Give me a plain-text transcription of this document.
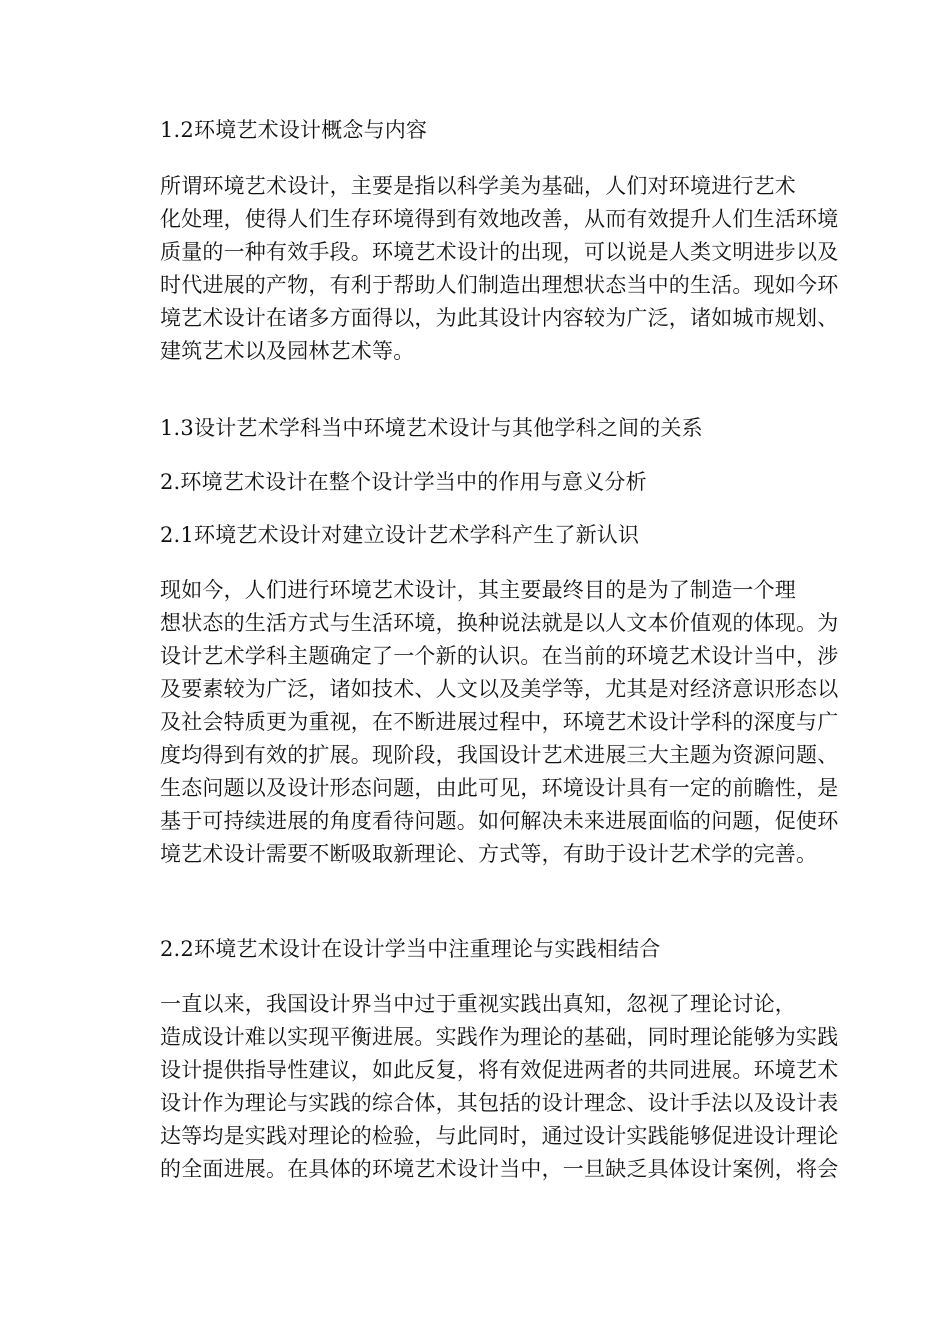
1.2环境艺术设计概念与内容

所谓环境艺术设计，主要是指以科学美为基础，人们对环境进行艺术
化处理，使得人们生存环境得到有效地改善，从而有效提升人们生活环境
质量的一种有效手段。环境艺术设计的出现，可以说是人类文明进步以及
时代进展的产物，有利于帮助人们制造出理想状态当中的生活。现如今环
境艺术设计在诸多方面得以，为此其设计内容较为广泛，诸如城市规划、
建筑艺术以及园林艺术等。

1.3设计艺术学科当中环境艺术设计与其他学科之间的关系

2.环境艺术设计在整个设计学当中的作用与意义分析

2.1环境艺术设计对建立设计艺术学科产生了新认识

现如今，人们进行环境艺术设计，其主要最终目的是为了制造一个理
想状态的生活方式与生活环境，换种说法就是以人文本价值观的体现。为
设计艺术学科主题确定了一个新的认识。在当前的环境艺术设计当中，涉
及要素较为广泛，诸如技术、人文以及美学等，尤其是对经济意识形态以
及社会特质更为重视，在不断进展过程中，环境艺术设计学科的深度与广
度均得到有效的扩展。现阶段，我国设计艺术进展三大主题为资源问题、
生态问题以及设计形态问题，由此可见，环境设计具有一定的前瞻性，是
基于可持续进展的角度看待问题。如何解决未来进展面临的问题，促使环
境艺术设计需要不断吸取新理论、方式等，有助于设计艺术学的完善。

2.2环境艺术设计在设计学当中注重理论与实践相结合

一直以来，我国设计界当中过于重视实践出真知，忽视了理论讨论，
造成设计难以实现平衡进展。实践作为理论的基础，同时理论能够为实践
设计提供指导性建议，如此反复，将有效促进两者的共同进展。环境艺术
设计作为理论与实践的综合体，其包括的设计理念、设计手法以及设计表
达等均是实践对理论的检验，与此同时，通过设计实践能够促进设计理论
的全面进展。在具体的环境艺术设计当中，一旦缺乏具体设计案例，将会
